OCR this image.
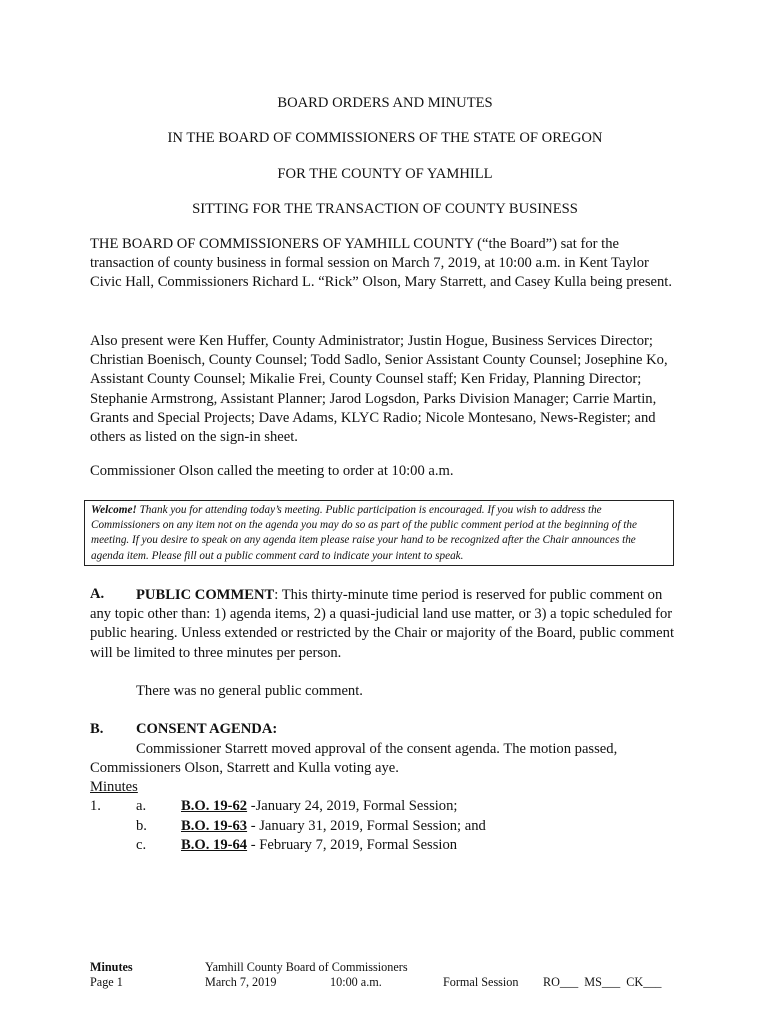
BOARD ORDERS AND MINUTES
IN THE BOARD OF COMMISSIONERS OF THE STATE OF OREGON
FOR THE COUNTY OF YAMHILL
SITTING FOR THE TRANSACTION OF COUNTY BUSINESS
THE BOARD OF COMMISSIONERS OF YAMHILL COUNTY (“the Board”) sat for the transaction of county business in formal session on March 7, 2019, at 10:00 a.m. in Kent Taylor Civic Hall, Commissioners Richard L. “Rick” Olson, Mary Starrett, and Casey Kulla being present.
Also present were Ken Huffer, County Administrator; Justin Hogue, Business Services Director; Christian Boenisch, County Counsel; Todd Sadlo, Senior Assistant County Counsel; Josephine Ko, Assistant County Counsel; Mikalie Frei, County Counsel staff; Ken Friday, Planning Director; Stephanie Armstrong, Assistant Planner; Jarod Logsdon, Parks Division Manager; Carrie Martin, Grants and Special Projects; Dave Adams, KLYC Radio; Nicole Montesano, News-Register; and others as listed on the sign-in sheet.
Commissioner Olson called the meeting to order at 10:00 a.m.
Welcome! Thank you for attending today’s meeting. Public participation is encouraged. If you wish to address the Commissioners on any item not on the agenda you may do so as part of the public comment period at the beginning of the meeting. If you desire to speak on any agenda item please raise your hand to be recognized after the Chair announces the agenda item. Please fill out a public comment card to indicate your intent to speak.
A.	PUBLIC COMMENT: This thirty-minute time period is reserved for public comment on any topic other than: 1) agenda items, 2) a quasi-judicial land use matter, or 3) a topic scheduled for public hearing. Unless extended or restricted by the Chair or majority of the Board, public comment will be limited to three minutes per person.
There was no general public comment.
B. CONSENT AGENDA:
Commissioner Starrett moved approval of the consent agenda. The motion passed,
Commissioners Olson, Starrett and Kulla voting aye.
Minutes
1. a. B.O. 19-62 -January 24, 2019, Formal Session;
b. B.O. 19-63 - January 31, 2019, Formal Session; and
c. B.O. 19-64 - February 7, 2019, Formal Session
Minutes
Page 1
Yamhill County Board of Commissioners
March 7, 2019	10:00 a.m.	Formal Session RO___  MS___  CK___
